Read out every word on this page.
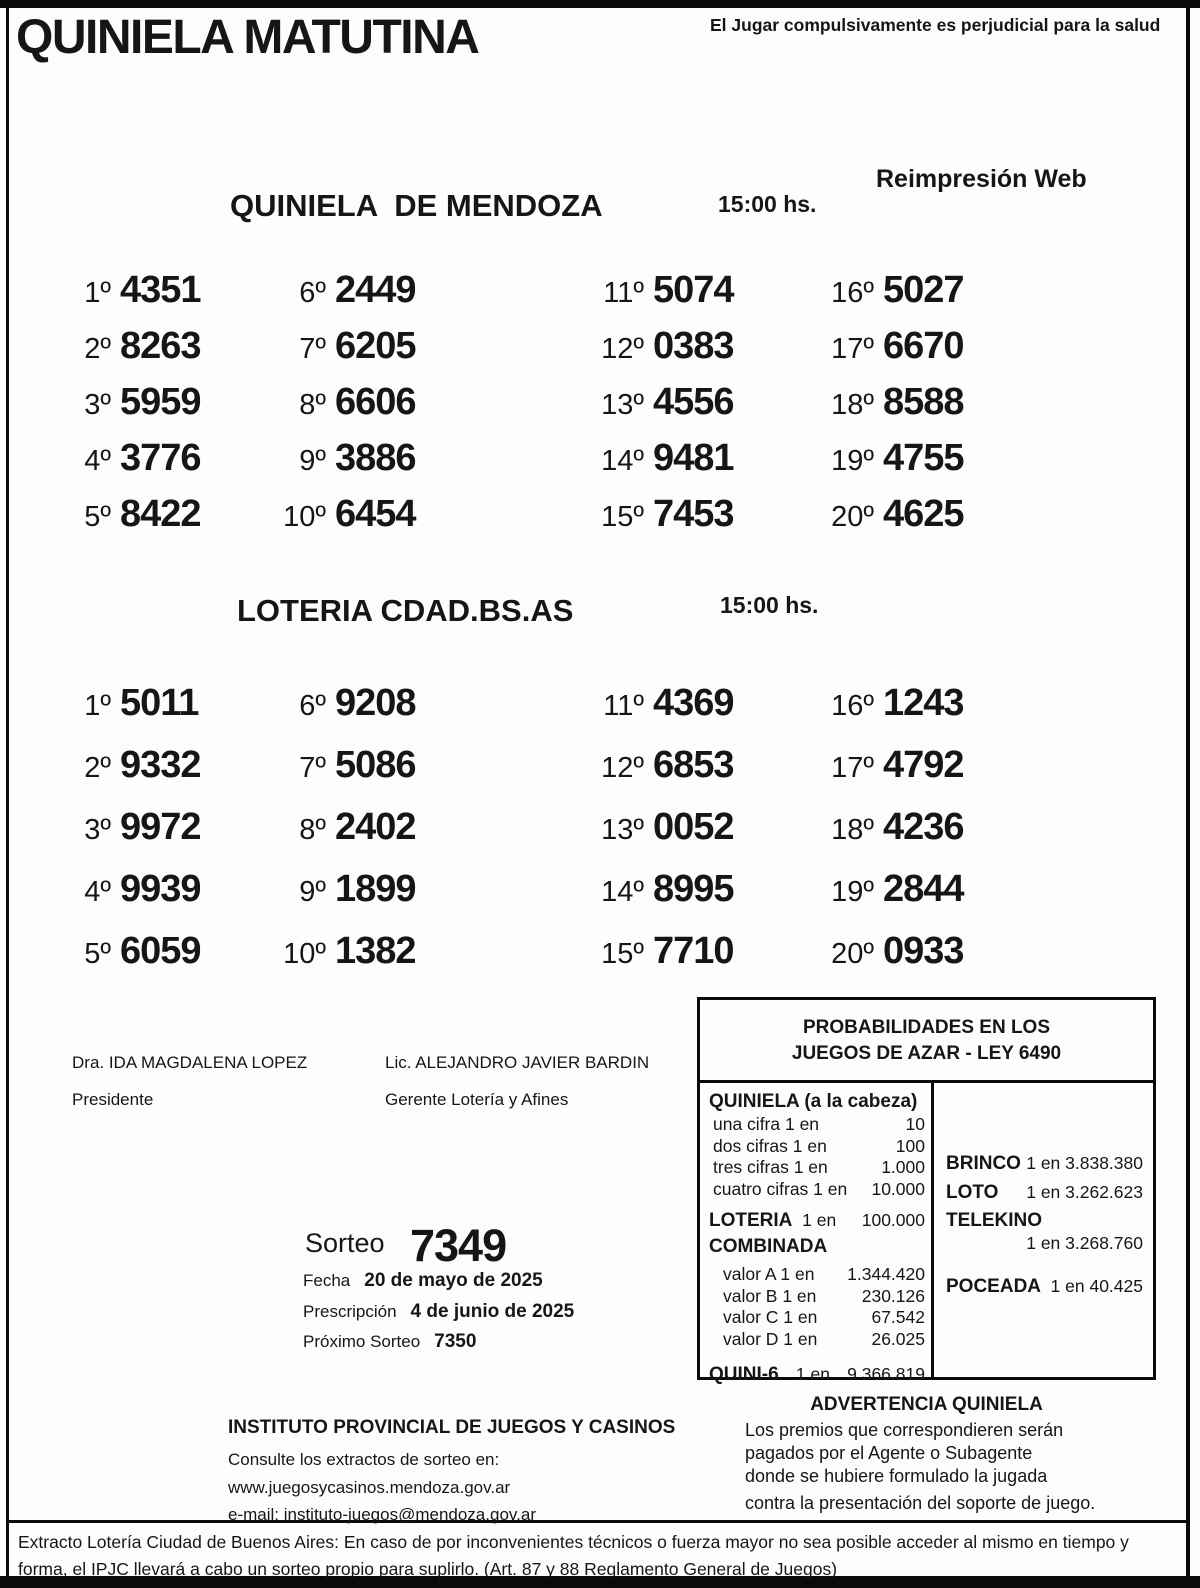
QUINIELA MATUTINA	El Jugar compulsivamente es perjudicial para la salud
QUINIELA  DE MENDOZA	15:00 hs.
Reimpresión Web
1º 4351	6º 2449	11º 5074	16º 5027
2º 8263	7º 6205	12º 0383	17º 6670
3º 5959	8º 6606	13º 4556	18º 8588
4º 3776	9º 3886	14º 9481	19º 4755
5º 8422	10º 6454	15º 7453	20º 4625
LOTERIA CDAD.BS.AS	15:00 hs.
1º 5011	6º 9208	11º 4369	16º 1243
2º 9332	7º 5086	12º 6853	17º 4792
3º 9972	8º 2402	13º 0052	18º 4236
4º 9939	9º 1899	14º 8995	19º 2844
5º 6059	10º 1382	15º 7710	20º 0933
Dra. IDA MAGDALENA LOPEZ
Presidente
Lic. ALEJANDRO JAVIER BARDIN
Gerente Lotería y Afines
Sorteo 7349
Fecha 20 de mayo de 2025
Prescripción 4 de junio de 2025
Próximo Sorteo 7350
PROBABILIDADES EN LOS
JUEGOS DE AZAR - LEY 6490
QUINIELA (a la cabeza)
una cifra 1 en	10
dos cifras 1 en	100
tres cifras 1 en	1.000
cuatro cifras 1 en 10.000
LOTERIA 1 en 100.000
COMBINADA
valor A 1 en 1.344.420
valor B 1 en	230.126
valor C 1 en	67.542
valor D 1 en	26.025
QUINI-6 1 en 9.366.819
BRINCO 1 en 3.838.380
LOTO 1 en 3.262.623
TELEKINO
1 en 3.268.760
POCEADA 1 en 40.425
ADVERTENCIA QUINIELA
Los premios que correspondieren serán
pagados por el Agente o Subagente
donde se hubiere formulado la jugada
contra la presentación del soporte de juego.
INSTITUTO PROVINCIAL DE JUEGOS Y CASINOS
Consulte los extractos de sorteo en:
www.juegosycasinos.mendoza.gov.ar
e-mail: instituto-juegos@mendoza.gov.ar
Extracto Lotería Ciudad de Buenos Aires: En caso de por inconvenientes técnicos o fuerza mayor no sea posible acceder al mismo en tiempo y
forma, el IPJC llevará a cabo un sorteo propio para suplirlo. (Art. 87 y 88 Reglamento General de Juegos)
